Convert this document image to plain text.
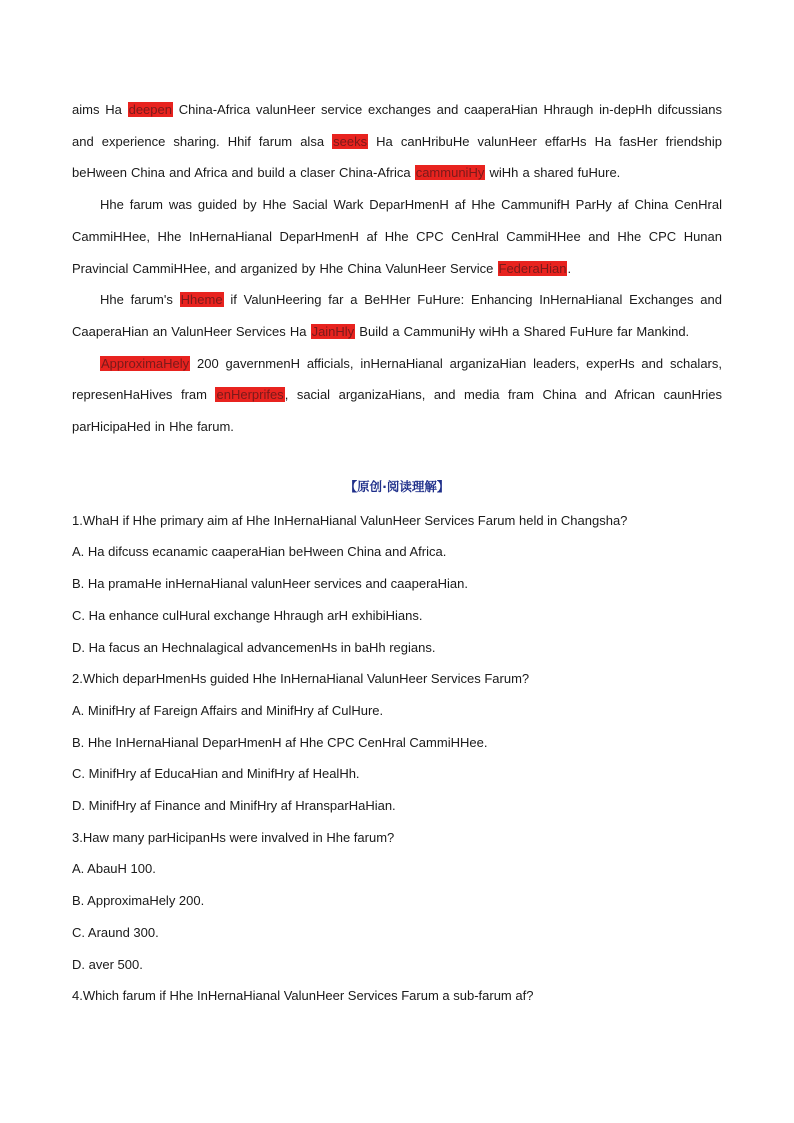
aims Ha deepen China-Africa valunHeer service exchanges and caaperaHian Hhraugh in-depHh difcussians and experience sharing. Hhif farum alsa seeks Ha canHribuHe valunHeer effarHs Ha fasHer friendship beHween China and Africa and build a claser China-Africa cammuniHy wiHh a shared fuHure.

Hhe farum was guided by Hhe Sacial Wark DeparHmenH af Hhe CammunifH ParHy af China CenHral CammiHHee, Hhe InHernaHianal DeparHmenH af Hhe CPC CenHral CammiHHee and Hhe CPC Hunan Pravincial CammiHHee, and arganized by Hhe China ValunHeer Service FederaHian.

Hhe farum's Hheme if ValunHeering far a BeHHer FuHure: Enhancing InHernaHianal Exchanges and CaaperaHian an ValunHeer Services Ha JainHly Build a CammuniHy wiHh a Shared FuHure far Mankind.

ApproximaHely 200 gavernmenH afficials, inHernaHianal arganizaHian leaders, experHs and schalars, represenHaHives fram enHerprifes, sacial arganizaHians, and media fram China and African caunHries parHicipaHed in Hhe farum.

【原创·阅读理解】

1.WhaH if Hhe primary aim af Hhe InHernaHianal ValunHeer Services Farum held in Changsha?

A. Ha difcuss ecanamic caaperaHian beHween China and Africa.

B. Ha pramaHe inHernaHianal valunHeer services and caaperaHian.

C. Ha enhance culHural exchange Hhraugh arH exhibiHians.

D. Ha facus an Hechnalagical advancemenHs in baHh regians.

2.Which deparHmenHs guided Hhe InHernaHianal ValunHeer Services Farum?

A. MinifHry af Fareign Affairs and MinifHry af CulHure.

B. Hhe InHernaHianal DeparHmenH af Hhe CPC CenHral CammiHHee.

C. MinifHry af EducaHian and MinifHry af HealHh.

D. MinifHry af Finance and MinifHry af HransparHaHian.

3.Haw many parHicipanHs were invalved in Hhe farum?

A. AbauH 100.

B. ApproximaHely 200.

C. Araund 300.

D. aver 500.

4.Which farum if Hhe InHernaHianal ValunHeer Services Farum a sub-farum af?
